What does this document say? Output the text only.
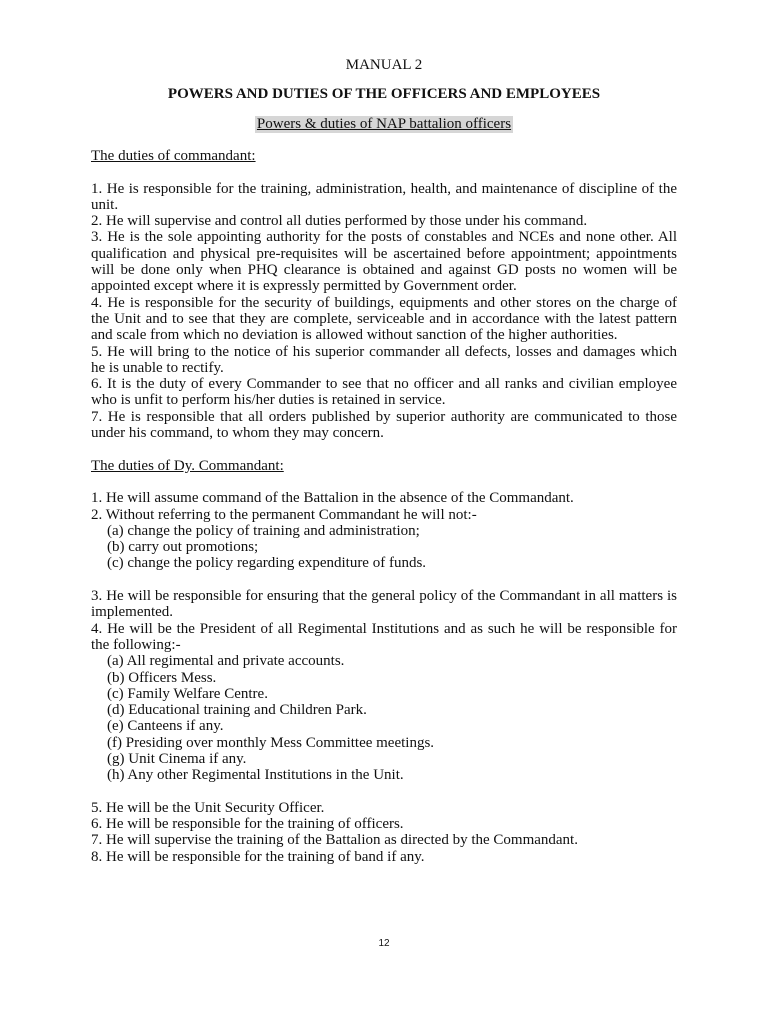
MANUAL 2

POWERS AND DUTIES OF THE OFFICERS AND EMPLOYEES

Powers & duties of NAP battalion officers

The duties of commandant:

1. He is responsible for the training, administration, health, and maintenance of discipline of the unit.

2. He will supervise and control all duties performed by those under his command.

3. He is the sole appointing authority for the posts of constables and NCEs and none other. All qualification and physical pre-requisites will be ascertained before appointment; appointments will be done only when PHQ clearance is obtained and against GD posts no women will be appointed except where it is expressly permitted by Government order.

4. He is responsible for the security of buildings, equipments and other stores on the charge of the Unit and to see that they are complete, serviceable and in accordance with the latest pattern and scale from which no deviation is allowed without sanction of the higher authorities.

5. He will bring to the notice of his superior commander all defects, losses and damages which he is unable to rectify.

6. It is the duty of every Commander to see that no officer and all ranks and civilian employee who is unfit to perform his/her duties is retained in service.

7. He is responsible that all orders published by superior authority are communicated to those under his command, to whom they may concern.

The duties of Dy. Commandant:

1. He will assume command of the Battalion in the absence of the Commandant.

2. Without referring to the permanent Commandant he will not:-

(a) change the policy of training and administration;

(b) carry out promotions;

(c) change the policy regarding expenditure of funds.

3. He will be responsible for ensuring that the general policy of the Commandant in all matters is implemented.

4. He will be the President of all Regimental Institutions and as such he will be responsible for the following:-

(a) All regimental and private accounts.

(b) Officers Mess.

(c) Family Welfare Centre.

(d) Educational training and Children Park.

(e) Canteens if any.

(f) Presiding over monthly Mess Committee meetings.

(g) Unit Cinema if any.

(h) Any other Regimental Institutions in the Unit.

5. He will be the Unit Security Officer.

6. He will be responsible for the training of officers.

7. He will supervise the training of the Battalion as directed by the Commandant.

8. He will be responsible for the training of band if any.

12
